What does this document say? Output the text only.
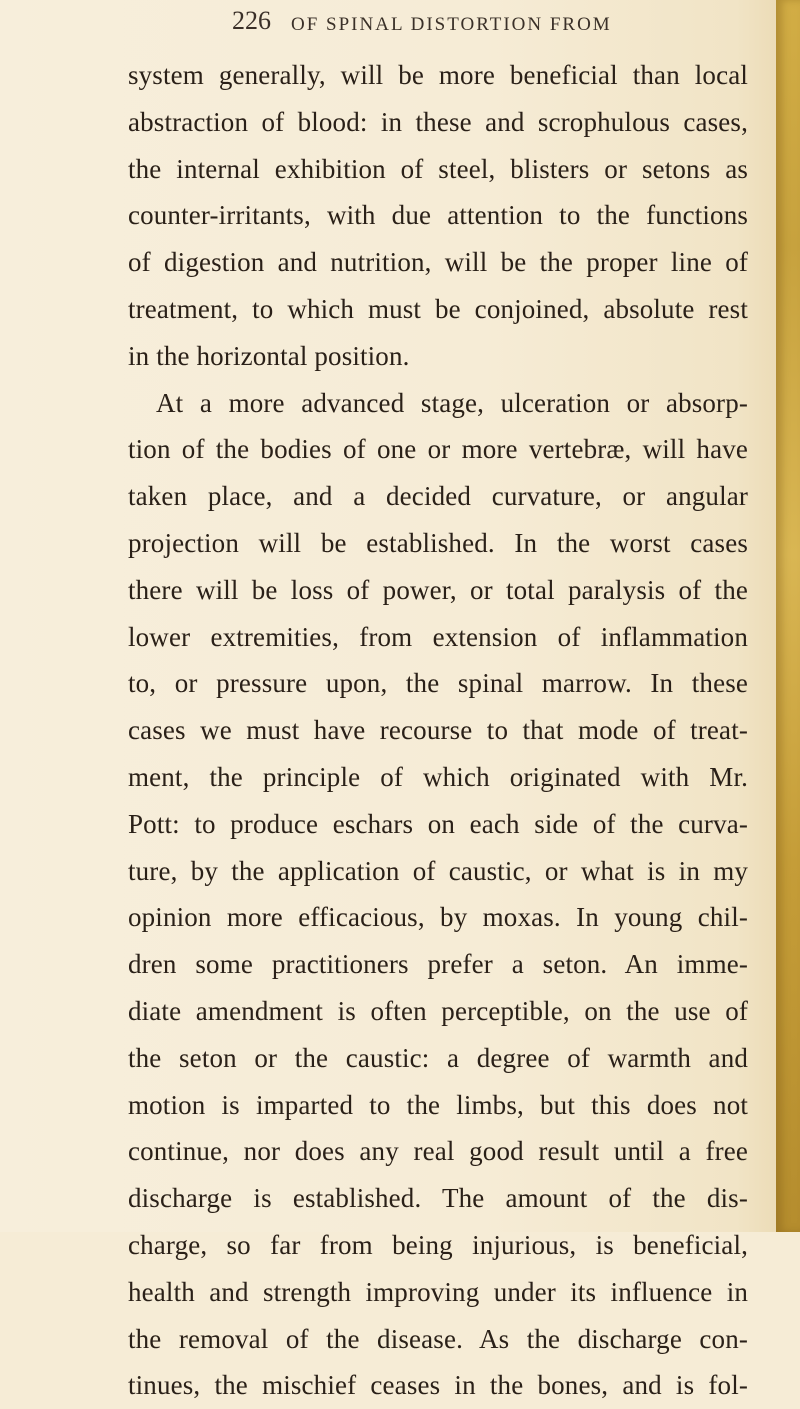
226 OF SPINAL DISTORTION FROM
system generally, will be more beneficial than local
abstraction of blood: in these and scrophulous cases,
the internal exhibition of steel, blisters or setons as
counter-irritants, with due attention to the functions
of digestion and nutrition, will be the proper line of
treatment, to which must be conjoined, absolute rest
in the horizontal position.
At a more advanced stage, ulceration or absorp-
tion of the bodies of one or more vertebræ, will have
taken place, and a decided curvature, or angular
projection will be established. In the worst cases
there will be loss of power, or total paralysis of the
lower extremities, from extension of inflammation
to, or pressure upon, the spinal marrow. In these
cases we must have recourse to that mode of treat-
ment, the principle of which originated with Mr.
Pott: to produce eschars on each side of the curva-
ture, by the application of caustic, or what is in my
opinion more efficacious, by moxas. In young chil-
dren some practitioners prefer a seton. An imme-
diate amendment is often perceptible, on the use of
the seton or the caustic: a degree of warmth and
motion is imparted to the limbs, but this does not
continue, nor does any real good result until a free
discharge is established. The amount of the dis-
charge, so far from being injurious, is beneficial,
health and strength improving under its influence in
the removal of the disease. As the discharge con-
tinues, the mischief ceases in the bones, and is fol-
